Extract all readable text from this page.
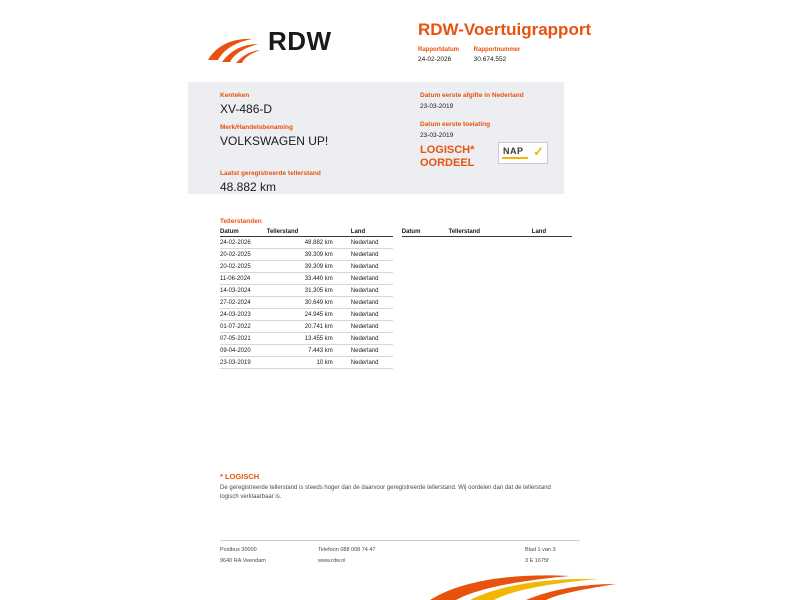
RDW	RDW-Voertuigrapport
Rapportdatum
24-02-2026

Rapportnummer
30.674.552
Kenteken
XV-486-D
Merk/Handelsbenaming
VOLKSWAGEN UP!
Laatst geregistreerde tellerstand
48.882 km
Datum eerste afgifte in Nederland
23-03-2019
Datum eerste toelating
23-03-2019
LOGISCH*
OORDEEL
NAP ✓
Tellerstanden
Datum	Tellerstand	Land		Datum	Tellerstand	Land
24-02-2026	48.882 km	Nederland				
20-02-2025	39.309 km	Nederland				
20-02-2025	39.309 km	Nederland				
11-06-2024	33.440 km	Nederland				
14-03-2024	31.305 km	Nederland				
27-02-2024	30.649 km	Nederland				
24-03-2023	24.945 km	Nederland				
01-07-2022	20.741 km	Nederland				
07-05-2021	13.455 km	Nederland				
09-04-2020	7.443 km	Nederland				
23-03-2019	10 km	Nederland				
* LOGISCH
De geregistreerde tellerstand is steeds hoger dan de daarvoor geregistreerde tellerstand. Wij oordelen dan dat de tellerstand logisch verklaarbaar is.
Postbus 30000	Telefoon 088 008 74 47	Blad 1 van 3
9640 RA Veendam	www.rdw.nl	3 E 1675f
